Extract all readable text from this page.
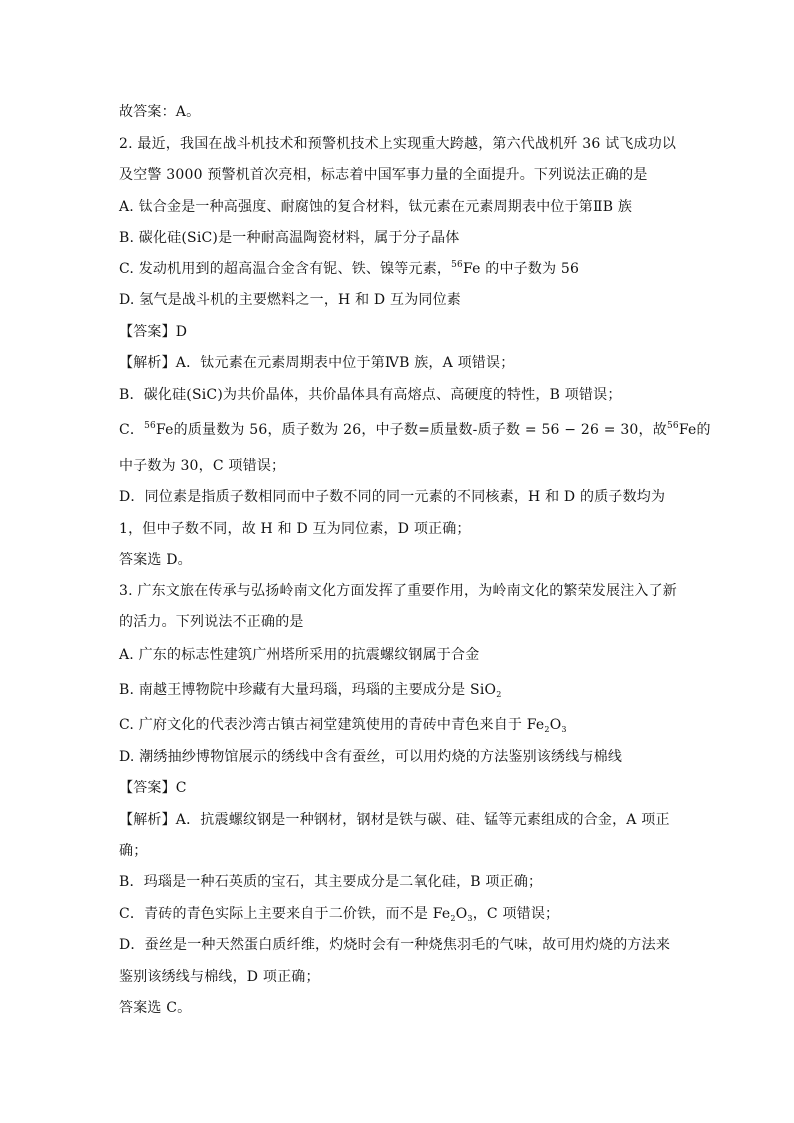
故答案：A。
2. 最近，我国在战斗机技术和预警机技术上实现重大跨越，第六代战机歼 36 试飞成功以
及空警 3000 预警机首次亮相，标志着中国军事力量的全面提升。下列说法正确的是
A. 钛合金是一种高强度、耐腐蚀的复合材料，钛元素在元素周期表中位于第ⅡB 族
B. 碳化硅(SiC)是一种耐高温陶瓷材料，属于分子晶体
C. 发动机用到的超高温合金含有铌、铁、镍等元素，$^{56}$Fe 的中子数为 56
D. 氢气是战斗机的主要燃料之一，H 和 D 互为同位素
【答案】D
【解析】A．钛元素在元素周期表中位于第ⅣB 族，A 项错误；
B．碳化硅(SiC)为共价晶体，共价晶体具有高熔点、高硬度的特性，B 项错误；
C．$^{56}$Fe的质量数为 56，质子数为 26，中子数=质量数-质子数 = 56 − 26 = 30，故$^{56}$Fe的
中子数为 30，C 项错误；
D．同位素是指质子数相同而中子数不同的同一元素的不同核素，H 和 D 的质子数均为
1，但中子数不同，故 H 和 D 互为同位素，D 项正确；
答案选 D。
3. 广东文旅在传承与弘扬岭南文化方面发挥了重要作用，为岭南文化的繁荣发展注入了新
的活力。下列说法不正确的是
A. 广东的标志性建筑广州塔所采用的抗震螺纹钢属于合金
B. 南越王博物院中珍藏有大量玛瑙，玛瑙的主要成分是 SiO$_2$
C. 广府文化的代表沙湾古镇古祠堂建筑使用的青砖中青色来自于 $Fe_2O_3$
D. 潮绣抽纱博物馆展示的绣线中含有蚕丝，可以用灼烧的方法鉴别该绣线与棉线
【答案】C
【解析】A．抗震螺纹钢是一种钢材，钢材是铁与碳、硅、锰等元素组成的合金，A 项正
确；
B．玛瑙是一种石英质的宝石，其主要成分是二氧化硅，B 项正确；
C．青砖的青色实际上主要来自于二价铁，而不是 $Fe_2O_3$，C 项错误；
D．蚕丝是一种天然蛋白质纤维，灼烧时会有一种烧焦羽毛的气味，故可用灼烧的方法来
鉴别该绣线与棉线，D 项正确；
答案选 C。
